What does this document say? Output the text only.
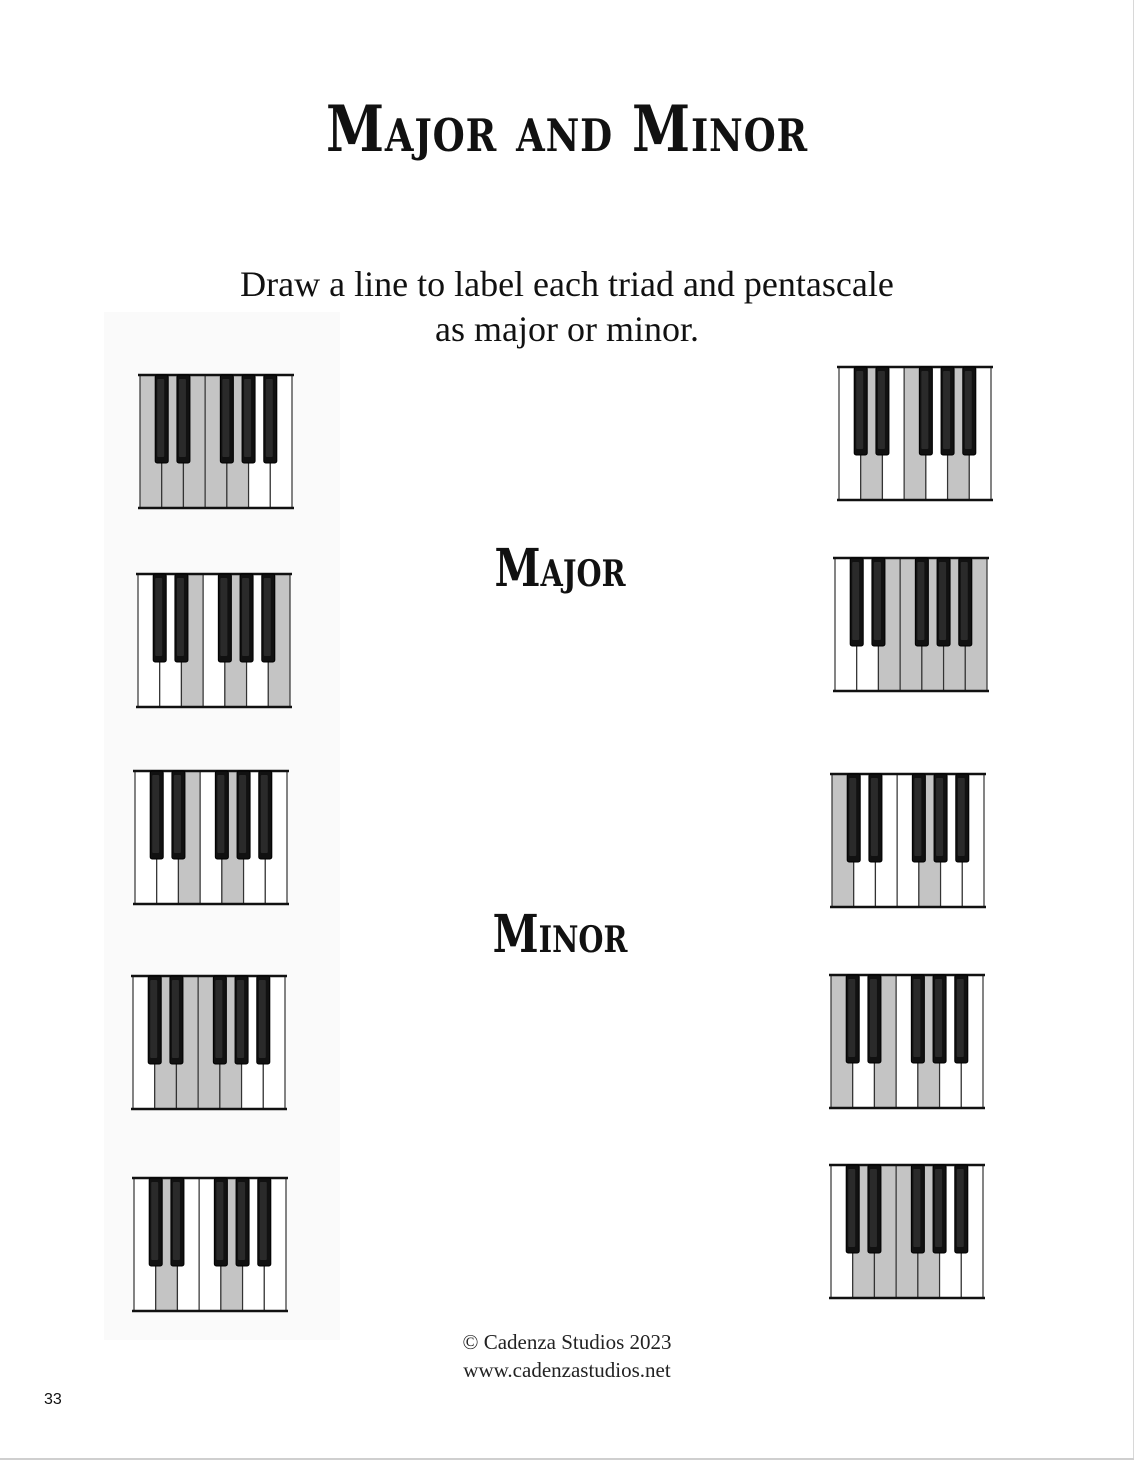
Major and Minor
Draw a line to label each triad and pentascale
as major or minor.
Major
Minor
© Cadenza Studios 2023
www.cadenzastudios.net
33
